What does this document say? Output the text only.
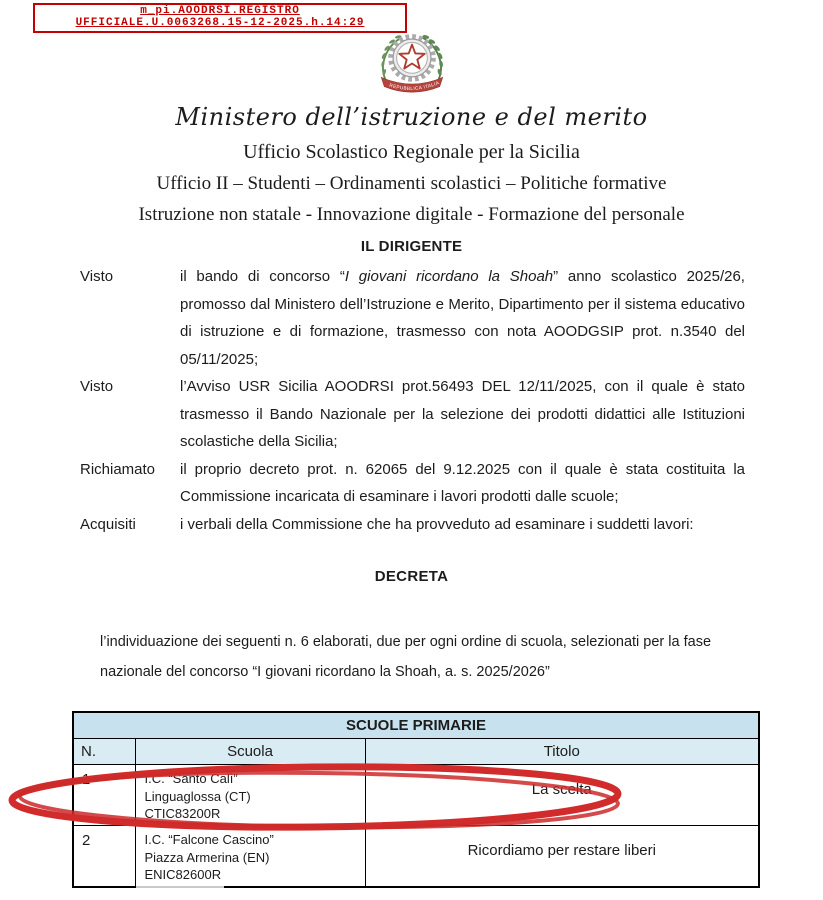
m_pi.AOODRSI.REGISTRO
UFFICIALE.U.0063268.15-12-2025.h.14:29
REPUBBLICA ITALIA
Ministero dell’istruzione e del merito
Ufficio Scolastico Regionale per la Sicilia
Ufficio II – Studenti – Ordinamenti scolastici – Politiche formative
Istruzione non statale - Innovazione digitale - Formazione del personale
IL DIRIGENTE
Visto	il bando di concorso “I giovani ricordano la Shoah” anno scolastico 2025/26, promosso dal Ministero dell’Istruzione e Merito, Dipartimento per il sistema educativo di istruzione e di formazione, trasmesso con nota AOODGSIP prot. n.3540 del 05/11/2025;
Visto	l’Avviso USR Sicilia AOODRSI prot.56493 DEL 12/11/2025, con il quale è stato trasmesso il Bando Nazionale per la selezione dei prodotti didattici alle Istituzioni scolastiche della Sicilia;
Richiamato	il proprio decreto prot. n. 62065 del 9.12.2025 con il quale è stata costituita la Commissione incaricata di esaminare i lavori prodotti dalle scuole;
Acquisiti	i verbali della Commissione che ha provveduto ad esaminare i suddetti lavori:
DECRETA
l’individuazione dei seguenti n. 6 elaborati, due per ogni ordine di scuola, selezionati per la fase nazionale del concorso “I giovani ricordano la Shoah, a. s. 2025/2026”
SCUOLE PRIMARIE		
N.	Scuola	Titolo
1	I.C. “Santo Calì”
Linguaglossa (CT)
CTIC83200R	La scelta
2	I.C. “Falcone Cascino”
Piazza Armerina (EN)
ENIC82600R	Ricordiamo per restare liberi
